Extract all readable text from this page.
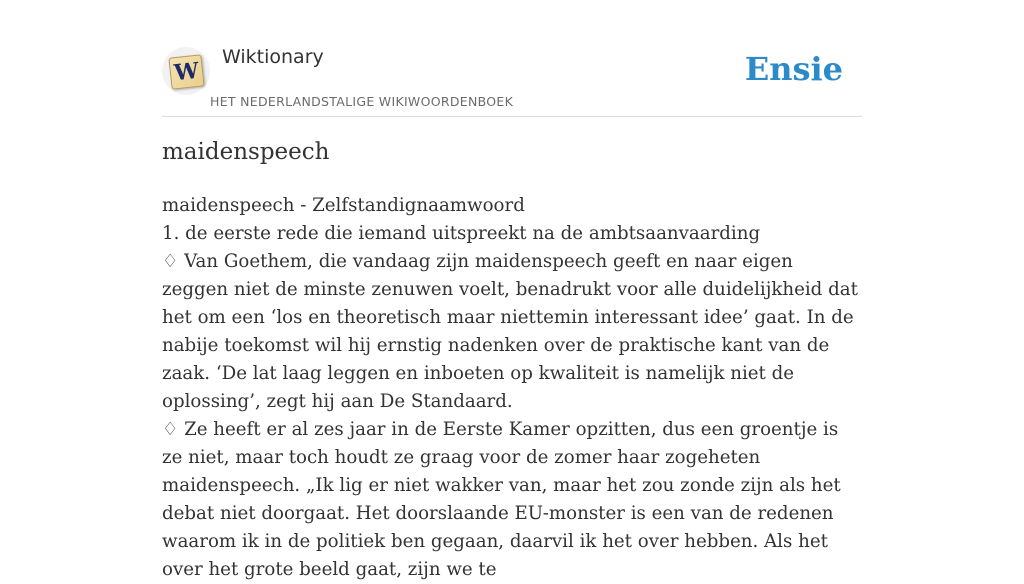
W
Wiktionary
HET NEDERLANDSTALIGE WIKIWOORDENBOEK
Ensie
maidenspeech
maidenspeech - Zelfstandignaamwoord
1. de eerste rede die iemand uitspreekt na de ambtsaanvaarding
♢ Van Goethem, die vandaag zijn maidenspeech geeft en naar eigen zeggen niet de minste zenuwen voelt, benadrukt voor alle duidelijkheid dat het om een ‘los en theoretisch maar niettemin interessant idee’ gaat. In de nabije toekomst wil hij ernstig nadenken over de praktische kant van de zaak. ‘De lat laag leggen en inboeten op kwaliteit is namelijk niet de oplossing’, zegt hij aan De Standaard.
♢ Ze heeft er al zes jaar in de Eerste Kamer opzitten, dus een groentje is ze niet, maar toch houdt ze graag voor de zomer haar zogeheten maidenspeech. „Ik lig er niet wakker van, maar het zou zonde zijn als het debat niet doorgaat. Het doorslaande EU-monster is een van de redenen waarom ik in de politiek ben gegaan, daarvil ik het over hebben. Als het over het grote beeld gaat, zijn we te
